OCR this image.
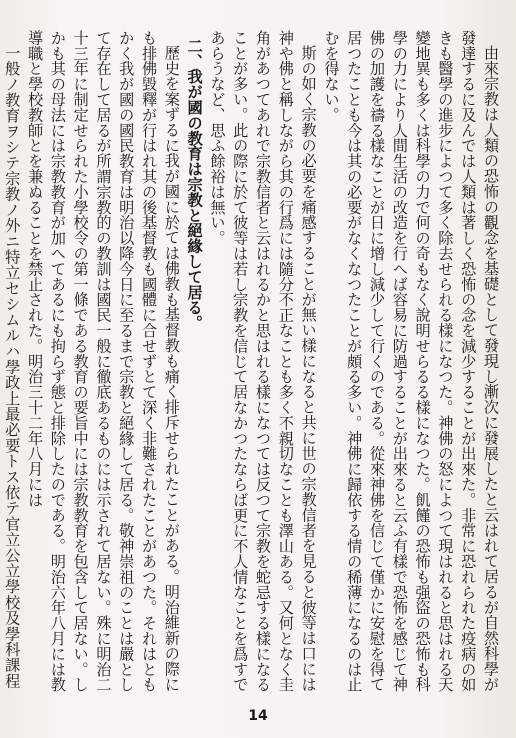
由來宗教は人類の恐怖の觀念を基礎として發現し漸次に發展したと云はれて居るが自然科學が發達するに及んでは人類は著しく恐怖の念を減少することが出來た。非常に恐れられた疫病の如きも醫學の進步によつて多く除去せられる樣になつた。神佛の怒によつて現はれると思はれる天變地異も多くは科學の力で何の奇もなく說明せらるる樣になつた。飢饉の恐怖も强盜の恐怖も科學の力により人間生活の改造を行へば容易に防過することが出來ると云ふ有樣で恐怖を感じて神佛の加護を禱る樣なことが日に增し減少して行くのである。從來神佛を信じて僅かに安慰を得て居つたことも今は其の必要がなくなつたことが頗る多い。神佛に歸依する情の稀薄になるのは止むを得ない。

斯の如く宗教の必要を痛感することが無い樣になると共に世の宗教信者を見ると彼等は口には神や佛と稱しながら其の行爲には隨分不正なことも多く不親切なことも澤山ある。又何となく圭角があつてあれで宗教信者と云はれるかと思はれる樣になつては反つて宗教を蛇忌する樣になることが多い。此の際に於て彼等は若し宗教を信じて居なかつたならば更に不人情なことを爲すであらうなど、思ふ餘裕は無い。

二、我が國の教育は宗教と絕緣して居る。

歷史を案ずるに我が國に於ては佛教も基督教も痛く排斥せられたことがある。明治維新の際にも排佛毀釋が行はれ其の後基督教も國體に合せずとて深く非難されたことがあつた。それはともかく我が國の國民教育は明治以降今日に至るまで宗教と絕緣して居る。敬神崇祖のことは嚴として存在して居るが所謂宗教的の教訓は國民一般に徹底あるものには示されて居ない。殊に明治二十三年に制定せられた小學校令の第一條である教育の要旨中には宗教教育を包含して居ない。しかも其の母法には宗教教育が加へてあるにも拘らず態と排除したのである。明治六年八月には教導職と學校教師とを兼ぬることを禁止された。明治三十二年八月には

一般ノ教育ヲシテ宗教ノ外ニ特立セシムルハ學政上最必要トス依テ官立公立學校及學科課程

14
